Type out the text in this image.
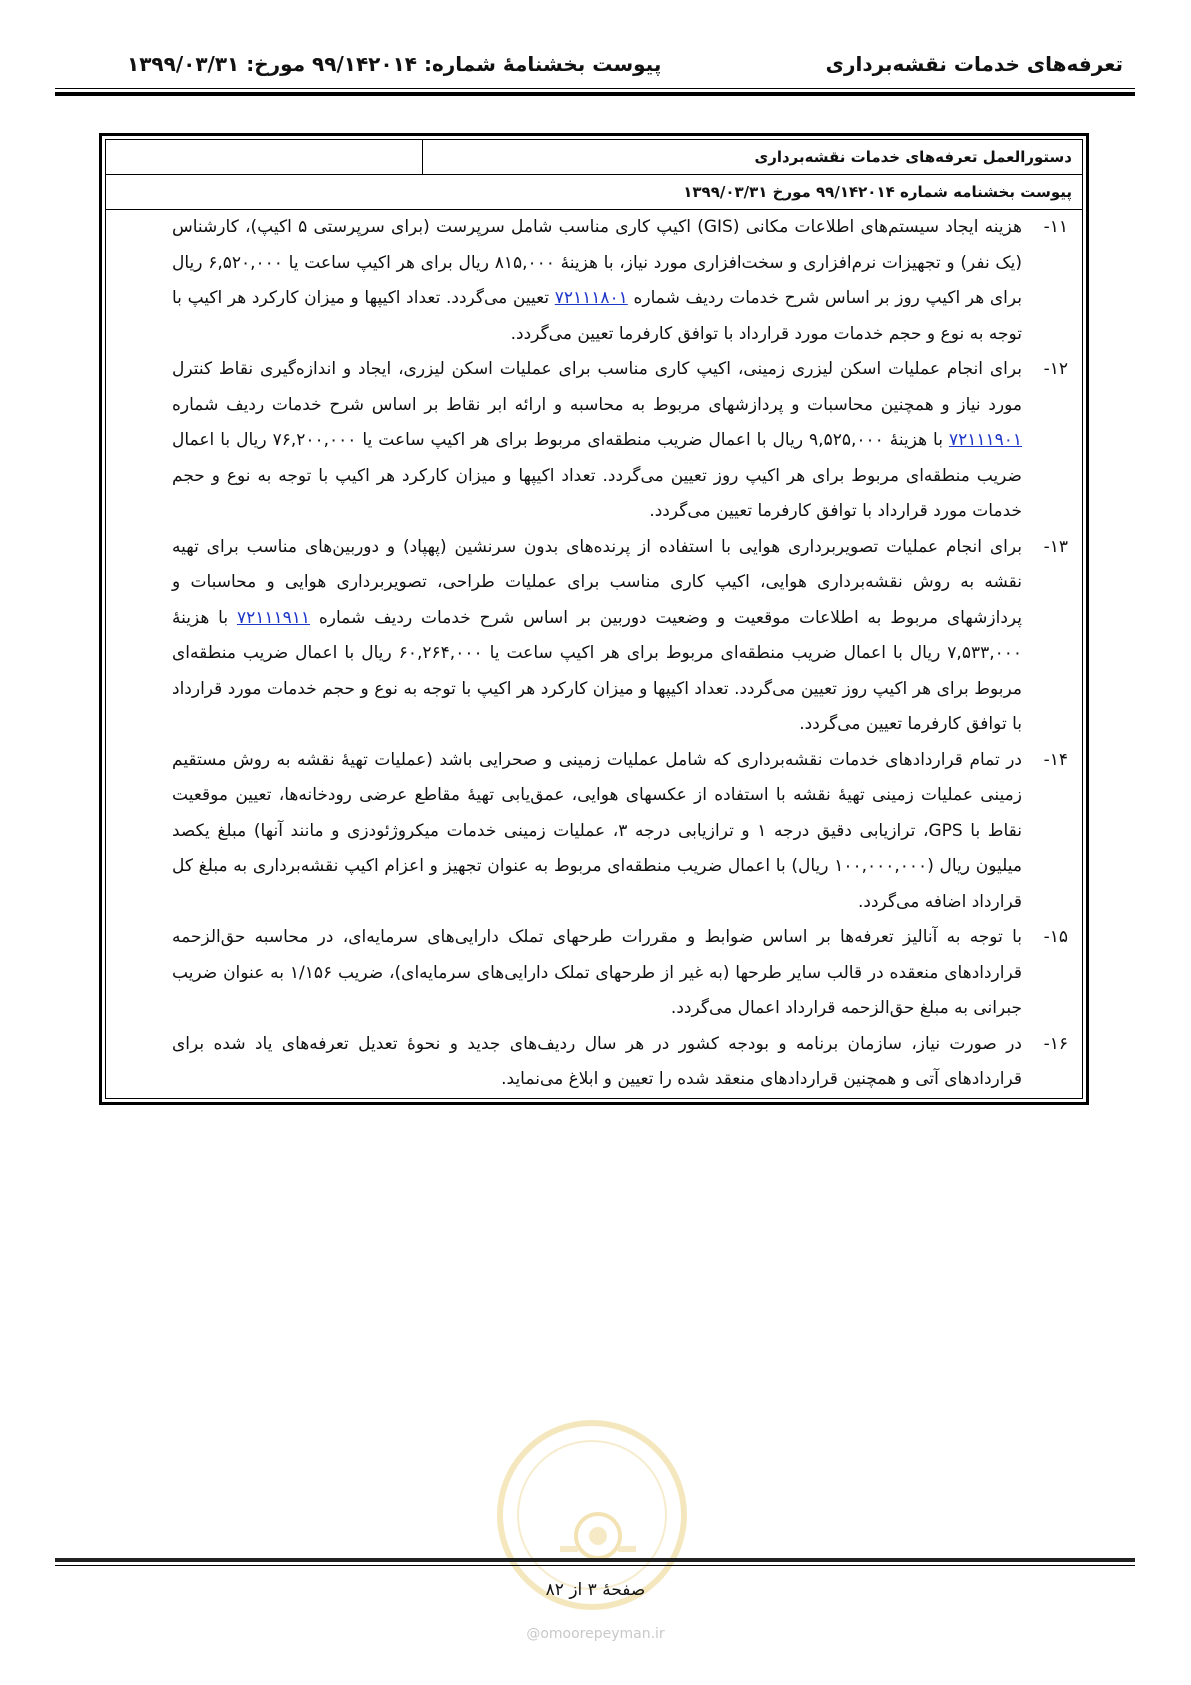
تعرفه‌های خدمات نقشه‌برداری
پیوست بخشنامهٔ شماره: ۹۹/۱۴۲۰۱۴ مورخ: ۱۳۹۹/۰۳/۳۱
دستورالعمل تعرفه‌های خدمات نقشه‌برداری
پیوست بخشنامه شماره ۹۹/۱۴۲۰۱۴ مورخ ۱۳۹۹/۰۳/۳۱
۱۱-
هزینه ایجاد سیستم‌های اطلاعات مکانی (GIS) اکیپ کاری مناسب شامل سرپرست (برای سرپرستی ۵ اکیپ)، کارشناس (یک نفر) و تجهیزات نرم‌افزاری و سخت‌افزاری مورد نیاز، با هزینهٔ ۸۱۵,۰۰۰ ریال برای هر اکیپ ساعت یا ۶,۵۲۰,۰۰۰ ریال برای هر اکیپ روز بر اساس شرح خدمات ردیف شماره ۷۲۱۱۱۸۰۱ تعیین می‌گردد. تعداد اکیپها و میزان کارکرد هر اکیپ با توجه به نوع و حجم خدمات مورد قرارداد با توافق کارفرما تعیین می‌گردد.
۱۲-
برای انجام عملیات اسکن لیزری زمینی، اکیپ کاری مناسب برای عملیات اسکن لیزری، ایجاد و اندازه‌گیری نقاط کنترل مورد نیاز و همچنین محاسبات و پردازشهای مربوط به محاسبه و ارائه ابر نقاط بر اساس شرح خدمات ردیف شماره ۷۲۱۱۱۹۰۱ با هزینهٔ ۹,۵۲۵,۰۰۰ ریال با اعمال ضریب منطقه‌ای مربوط برای هر اکیپ ساعت یا ۷۶,۲۰۰,۰۰۰ ریال با اعمال ضریب منطقه‌ای مربوط برای هر اکیپ روز تعیین می‌گردد. تعداد اکیپها و میزان کارکرد هر اکیپ با توجه به نوع و حجم خدمات مورد قرارداد با توافق کارفرما تعیین می‌گردد.
۱۳-
برای انجام عملیات تصویربرداری هوایی با استفاده از پرنده‌های بدون سرنشین (پهپاد) و دوربین‌های مناسب برای تهیه نقشه به روش نقشه‌برداری هوایی، اکیپ کاری مناسب برای عملیات طراحی، تصویربرداری هوایی و محاسبات و پردازشهای مربوط به اطلاعات موقعیت و وضعیت دوربین بر اساس شرح خدمات ردیف شماره ۷۲۱۱۱۹۱۱ با هزینهٔ ۷,۵۳۳,۰۰۰ ریال با اعمال ضریب منطقه‌ای مربوط برای هر اکیپ ساعت یا ۶۰,۲۶۴,۰۰۰ ریال با اعمال ضریب منطقه‌ای مربوط برای هر اکیپ روز تعیین می‌گردد. تعداد اکیپها و میزان کارکرد هر اکیپ با توجه به نوع و حجم خدمات مورد قرارداد با توافق کارفرما تعیین می‌گردد.
۱۴-
در تمام قراردادهای خدمات نقشه‌برداری که شامل عملیات زمینی و صحرایی باشد (عملیات تهیهٔ نقشه به روش مستقیم زمینی عملیات زمینی تهیهٔ نقشه با استفاده از عکسهای هوایی، عمق‌یابی تهیهٔ مقاطع عرضی رودخانه‌ها، تعیین موقعیت نقاط با GPS، ترازیابی دقیق درجه ۱ و ترازیابی درجه ۳، عملیات زمینی خدمات میکروژئودزی و مانند آنها) مبلغ یکصد میلیون ریال (۱۰۰,۰۰۰,۰۰۰ ریال) با اعمال ضریب منطقه‌ای مربوط به عنوان تجهیز و اعزام اکیپ نقشه‌برداری به مبلغ کل قرارداد اضافه می‌گردد.
۱۵-
با توجه به آنالیز تعرفه‌ها بر اساس ضوابط و مقررات طرحهای تملک دارایی‌های سرمایه‌ای، در محاسبه حق‌الزحمه قراردادهای منعقده در قالب سایر طرحها (به غیر از طرحهای تملک دارایی‌های سرمایه‌ای)، ضریب ۱/۱۵۶ به عنوان ضریب جبرانی به مبلغ حق‌الزحمه قرارداد اعمال می‌گردد.
۱۶-
در صورت نیاز، سازمان برنامه و بودجه کشور در هر سال ردیف‌های جدید و نحوهٔ تعدیل تعرفه‌های یاد شده برای قراردادهای آتی و همچنین قراردادهای منعقد شده را تعیین و ابلاغ می‌نماید.
صفحهٔ ۳ از ۸۲
@omoorepeyman.ir
